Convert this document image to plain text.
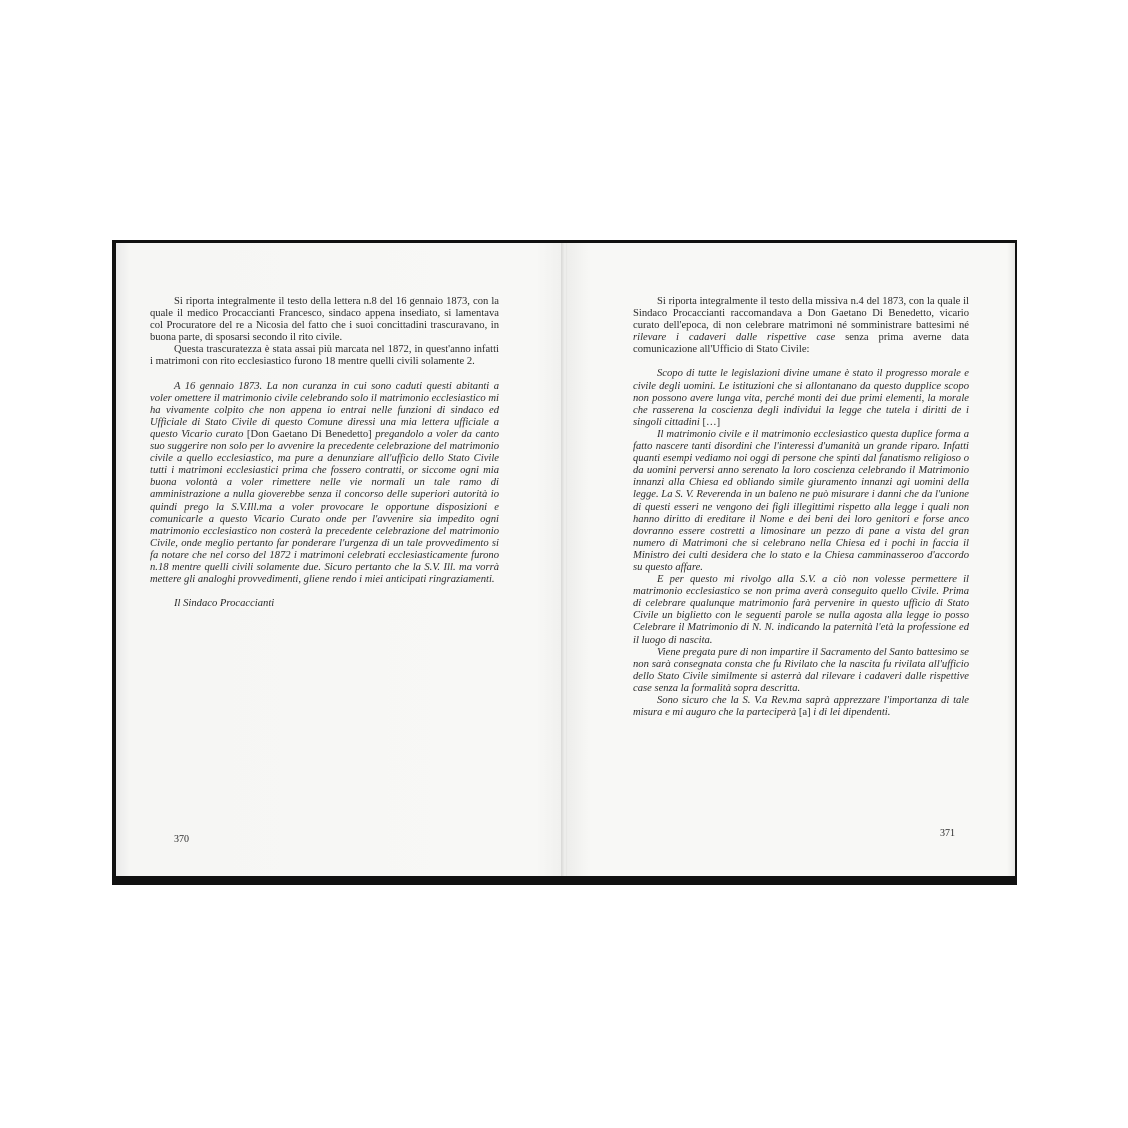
Si riporta integralmente il testo della lettera n.8 del 16 gennaio 1873, con la quale il medico Procaccianti Francesco, sindaco appena insediato, si lamentava col Procuratore del re a Nicosia del fatto che i suoi concittadini trascuravano, in buona parte, di sposarsi secondo il rito civile.

Questa trascuratezza è stata assai più marcata nel 1872, in quest'anno infatti i matrimoni con rito ecclesiastico furono 18 mentre quelli civili solamente 2.

A 16 gennaio 1873. La non curanza in cui sono caduti questi abitanti a voler omettere il matrimonio civile celebrando solo il matrimonio ecclesiastico mi ha vivamente colpito che non appena io entrai nelle funzioni di sindaco ed Ufficiale di Stato Civile di questo Comune diressi una mia lettera ufficiale a questo Vicario curato [Don Gaetano Di Benedetto] pregandolo a voler da canto suo suggerire non solo per lo avvenire la precedente celebrazione del matrimonio civile a quello ecclesiastico, ma pure a denunziare all'ufficio dello Stato Civile tutti i matrimoni ecclesiastici prima che fossero contratti, or siccome ogni mia buona volontà a voler rimettere nelle vie normali un tale ramo di amministrazione a nulla gioverebbe senza il concorso delle superiori autorità io quindi prego la S.V.Ill.ma a voler provocare le opportune disposizioni e comunicarle a questo Vicario Curato onde per l'avvenire sia impedito ogni matrimonio ecclesiastico non costerà la precedente celebrazione del matrimonio Civile, onde meglio pertanto far ponderare l'urgenza di un tale provvedimento si fa notare che nel corso del 1872 i matrimoni celebrati ecclesiasticamente furono n.18 mentre quelli civili solamente due. Sicuro pertanto che la S.V. Ill. ma vorrà mettere gli analoghi provvedimenti, gliene rendo i miei anticipati ringraziamenti.

Il Sindaco Procaccianti

370

Si riporta integralmente il testo della missiva n.4 del 1873, con la quale il Sindaco Procaccianti raccomandava a Don Gaetano Di Benedetto, vicario curato dell'epoca, di non celebrare matrimoni né somministrare battesimi né rilevare i cadaveri dalle rispettive case senza prima averne data comunicazione all'Ufficio di Stato Civile:

Scopo di tutte le legislazioni divine umane è stato il progresso morale e civile degli uomini. Le istituzioni che si allontanano da questo dupplice scopo non possono avere lunga vita, perché monti dei due primi elementi, la morale che rasserena la coscienza degli individui la legge che tutela i diritti de i singoli cittadini […]

Il matrimonio civile e il matrimonio ecclesiastico questa duplice forma a fatto nascere tanti disordini che l'interessi d'umanità un grande riparo. Infatti quanti esempi vediamo noi oggi di persone che spinti dal fanatismo religioso o da uomini perversi anno serenato la loro coscienza celebrando il Matrimonio innanzi alla Chiesa ed obliando simile giuramento innanzi agi uomini della legge. La S. V. Reverenda in un baleno ne può misurare i danni che da l'unione di questi esseri ne vengono dei figli illegittimi rispetto alla legge i quali non hanno diritto di ereditare il Nome e dei beni dei loro genitori e forse anco dovranno essere costretti a limosinare un pezzo di pane a vista del gran numero di Matrimoni che si celebrano nella Chiesa ed i pochi in faccia il Ministro dei culti desidera che lo stato e la Chiesa camminasseroo d'accordo su questo affare.

E per questo mi rivolgo alla S.V. a ciò non volesse permettere il matrimonio ecclesiastico se non prima averà conseguito quello Civile. Prima di celebrare qualunque matrimonio farà pervenire in questo ufficio di Stato Civile un biglietto con le seguenti parole se nulla agosta alla legge io posso Celebrare il Matrimonio di N. N. indicando la paternità l'età la professione ed il luogo di nascita.

Viene pregata pure di non impartire il Sacramento del Santo battesimo se non sarà consegnata consta che fu Rivilato che la nascita fu rivilata all'ufficio dello Stato Civile similmente si asterrà dal rilevare i cadaveri dalle rispettive case senza la formalità sopra descritta.

Sono sicuro che la S. V.a Rev.ma saprà apprezzare l'importanza di tale misura e mi auguro che la parteciperà [a] i di lei dipendenti.

371
